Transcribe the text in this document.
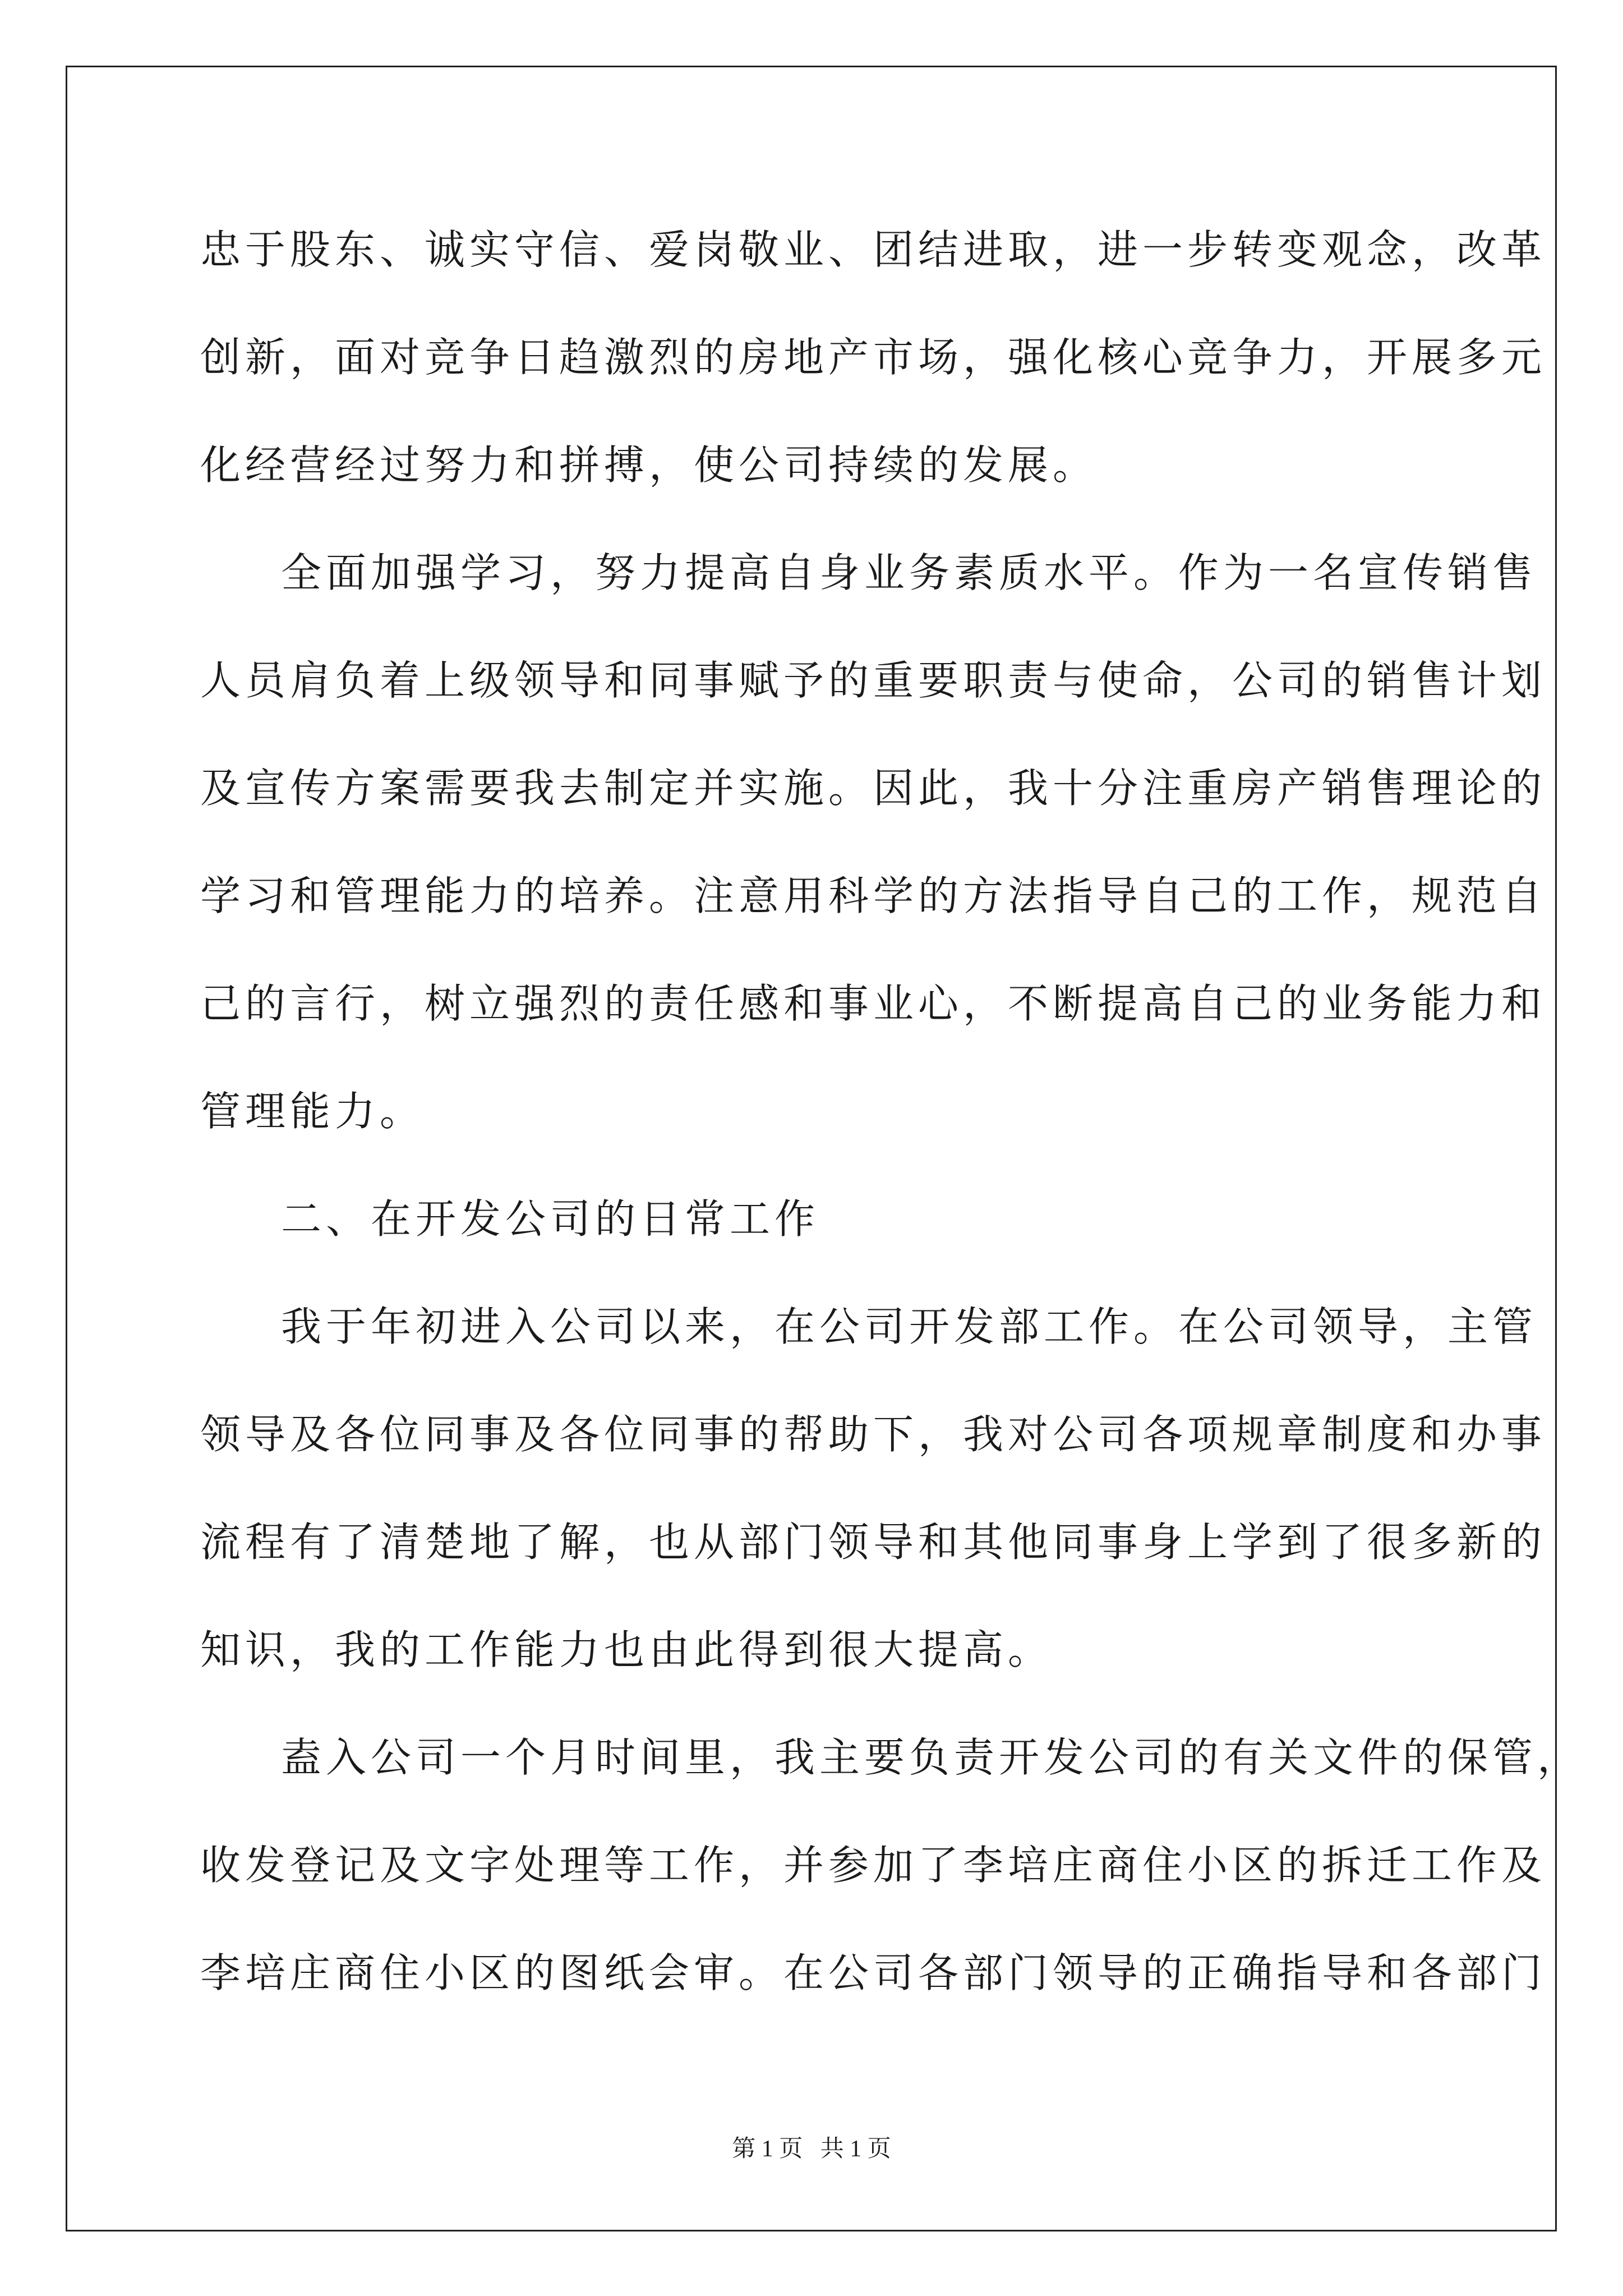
忠于股东、诚实守信、爱岗敬业、团结进取，进一步转变观念，改革
创新，面对竞争日趋激烈的房地产市场，强化核心竞争力，开展多元
化经营经过努力和拼搏，使公司持续的发展。
全面加强学习，努力提高自身业务素质水平。作为一名宣传销售
人员肩负着上级领导和同事赋予的重要职责与使命，公司的销售计划
及宣传方案需要我去制定并实施。因此，我十分注重房产销售理论的
学习和管理能力的培养。注意用科学的方法指导自己的工作，规范自
己的言行，树立强烈的责任感和事业心，不断提高自己的业务能力和
管理能力。
二、在开发公司的日常工作
我于年初进入公司以来，在公司开发部工作。在公司领导，主管
领导及各位同事及各位同事的帮助下，我对公司各项规章制度和办事
流程有了清楚地了解，也从部门领导和其他同事身上学到了很多新的
知识，我的工作能力也由此得到很大提高。
盍入公司一个月时间里，我主要负责开发公司的有关文件的保管，
收发登记及文字处理等工作，并参加了李培庄商住小区的拆迁工作及
李培庄商住小区的图纸会审。在公司各部门领导的正确指导和各部门
第 1 页   共 1 页
